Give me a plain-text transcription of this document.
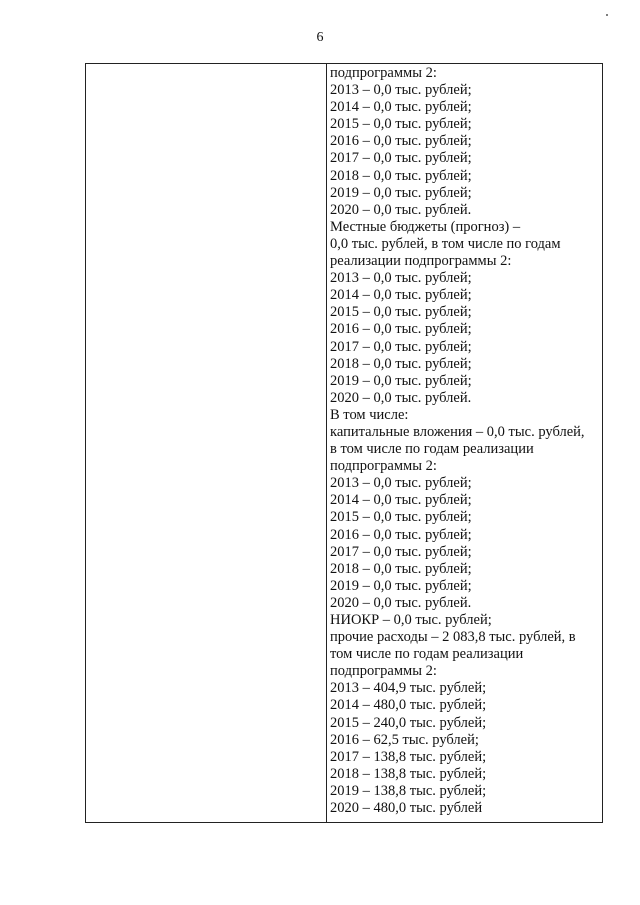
6
подпрограммы 2:
2013 – 0,0 тыс. рублей;
2014 – 0,0 тыс. рублей;
2015 – 0,0 тыс. рублей;
2016 – 0,0 тыс. рублей;
2017 – 0,0 тыс. рублей;
2018 – 0,0 тыс. рублей;
2019 – 0,0 тыс. рублей;
2020 – 0,0 тыс. рублей.
Местные бюджеты (прогноз) –
0,0 тыс. рублей, в том числе по годам
реализации подпрограммы 2:
2013 – 0,0 тыс. рублей;
2014 – 0,0 тыс. рублей;
2015 – 0,0 тыс. рублей;
2016 – 0,0 тыс. рублей;
2017 – 0,0 тыс. рублей;
2018 – 0,0 тыс. рублей;
2019 – 0,0 тыс. рублей;
2020 – 0,0 тыс. рублей.
В том числе:
капитальные вложения – 0,0 тыс. рублей,
в том числе по годам реализации
подпрограммы 2:
2013 – 0,0 тыс. рублей;
2014 – 0,0 тыс. рублей;
2015 – 0,0 тыс. рублей;
2016 – 0,0 тыс. рублей;
2017 – 0,0 тыс. рублей;
2018 – 0,0 тыс. рублей;
2019 – 0,0 тыс. рублей;
2020 – 0,0 тыс. рублей.
НИОКР – 0,0 тыс. рублей;
прочие расходы – 2 083,8 тыс. рублей, в
том числе по годам реализации
подпрограммы 2:
2013 – 404,9 тыс. рублей;
2014 – 480,0 тыс. рублей;
2015 – 240,0 тыс. рублей;
2016 – 62,5 тыс. рублей;
2017 – 138,8 тыс. рублей;
2018 – 138,8 тыс. рублей;
2019 – 138,8 тыс. рублей;
2020 – 480,0 тыс. рублей
